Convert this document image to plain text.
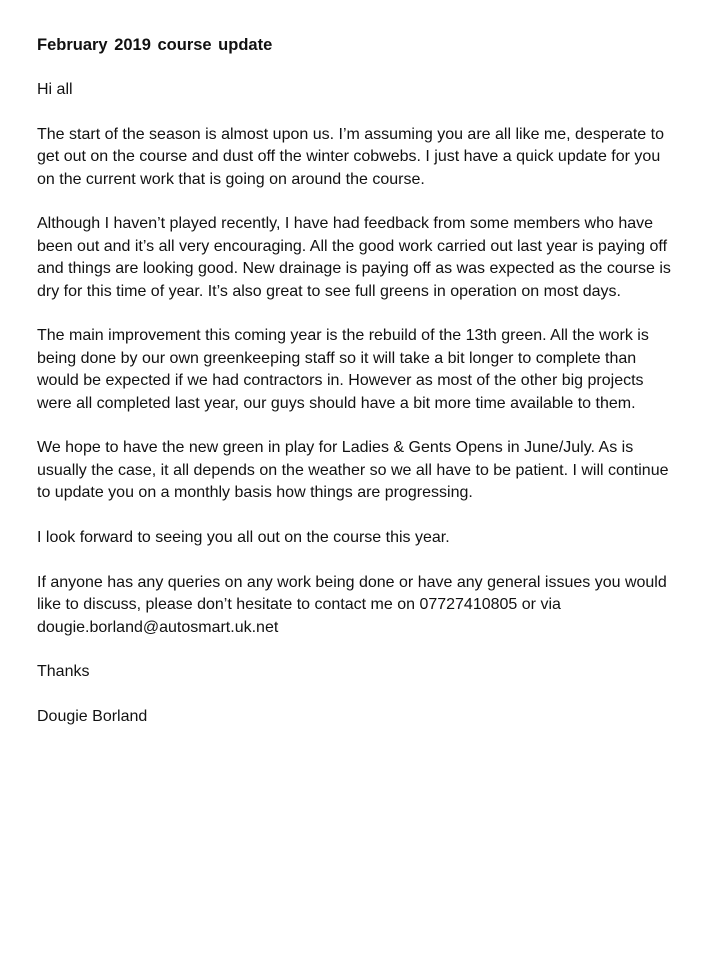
February 2019 course update

Hi all

The start of the season is almost upon us. I’m assuming you are all like me, desperate to get out on the course and dust off the winter cobwebs. I just have a quick update for you on the current work that is going on around the course.

Although I haven’t played recently, I have had feedback from some members who have been out and it’s all very encouraging. All the good work carried out last year is paying off and things are looking good. New drainage is paying off as was expected as the course is dry for this time of year. It’s also great to see full greens in operation on most days.

The main improvement this coming year is the rebuild of the 13th green. All the work is being done by our own greenkeeping staff so it will take a bit longer to complete than would be expected if we had contractors in. However as most of the other big projects were all completed last year, our guys should have a bit more time available to them.

We hope to have the new green in play for Ladies & Gents Opens in June/July. As is usually the case, it all depends on the weather so we all have to be patient. I will continue to update you on a monthly basis how things are progressing.

I look forward to seeing you all out on the course this year.

If anyone has any queries on any work being done or have any general issues you would like to discuss, please don’t hesitate to contact me on 07727410805 or via
dougie.borland@autosmart.uk.net

Thanks

Dougie Borland
